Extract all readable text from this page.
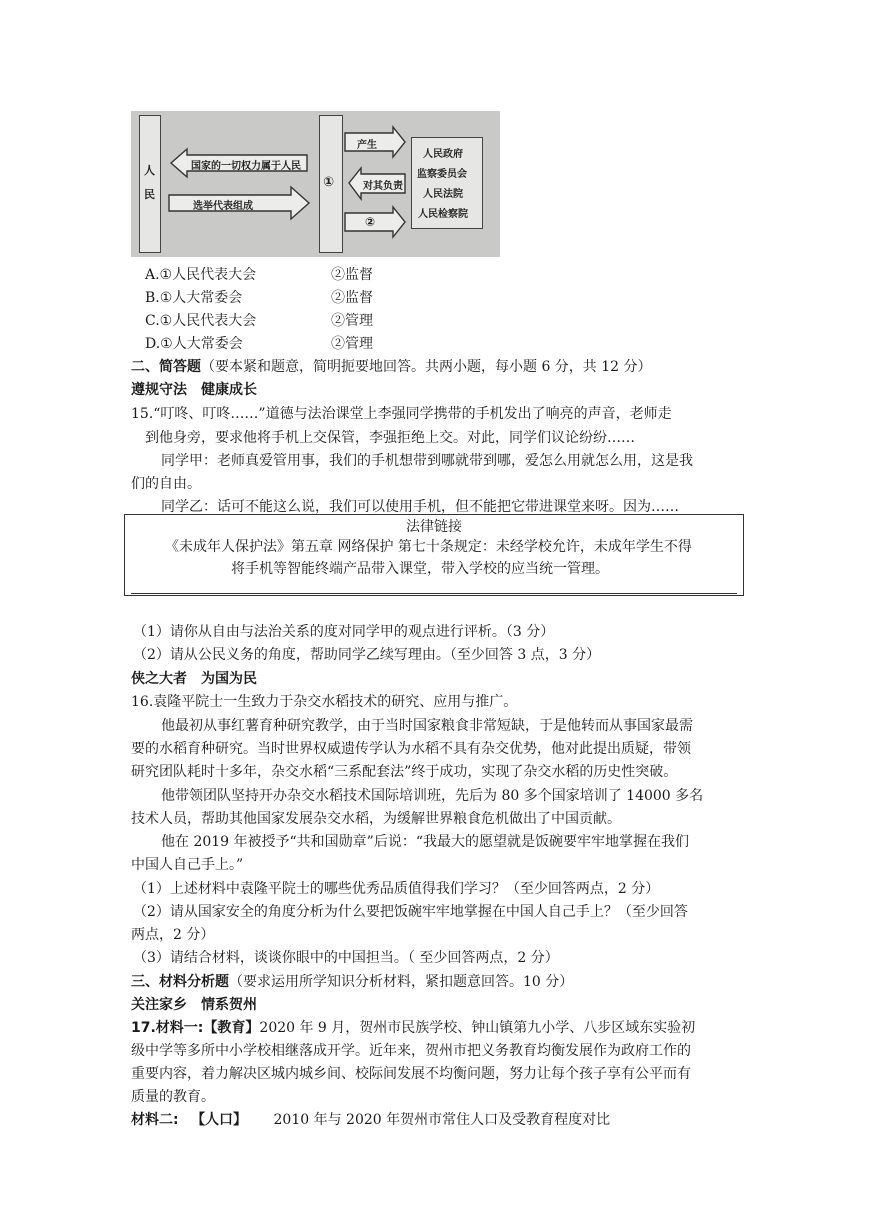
人民
国家的一切权力属于人民
选举代表组成
①
产生
对其负责
②
人民政府
监察委员会
人民法院
人民检察院
A.①人民代表大会	②监督
B.①人大常委会	②监督
C.①人民代表大会	②管理
D.①人大常委会	②管理
二、简答题（要本紧和题意，简明扼要地回答。共两小题，每小题 6 分，共 12 分）
遵规守法　健康成长
15.“叮咚、叮咚……”道德与法治课堂上李强同学携带的手机发出了响亮的声音，老师走
到他身旁，要求他将手机上交保管，李强拒绝上交。对此，同学们议论纷纷……
同学甲：老师真爱管用事，我们的手机想带到哪就带到哪，爱怎么用就怎么用，这是我
们的自由。
同学乙：话可不能这么说，我们可以使用手机，但不能把它带进课堂来呀。因为……
法律链接
《未成年人保护法》第五章 网络保护 第七十条规定：未经学校允许，未成年学生不得
将手机等智能终端产品带入课堂，带入学校的应当统一管理。
（1）请你从自由与法治关系的度对同学甲的观点进行评析。（3 分）
（2）请从公民义务的角度，帮助同学乙续写理由。（至少回答 3 点，3 分）
侠之大者　为国为民
16.袁隆平院士一生致力于杂交水稻技术的研究、应用与推广。
他最初从事红薯育种研究教学，由于当时国家粮食非常短缺，于是他转而从事国家最需
要的水稻育种研究。当时世界权威遗传学认为水稻不具有杂交优势，他对此提出质疑，带领
研究团队耗时十多年，杂交水稻“三系配套法”终于成功，实现了杂交水稻的历史性突破。
他带领团队坚持开办杂交水稻技术国际培训班，先后为 80 多个国家培训了 14000 多名
技术人员，帮助其他国家发展杂交水稻，为缓解世界粮食危机做出了中国贡献。
他在 2019 年被授予“共和国勋章”后说：“我最大的愿望就是饭碗要牢牢地掌握在我们
中国人自己手上。”
（1）上述材料中袁隆平院士的哪些优秀品质值得我们学习？（至少回答两点，2 分）
（2）请从国家安全的角度分析为什么要把饭碗牢牢地掌握在中国人自己手上？（至少回答
两点，2 分）
（3）请结合材料，谈谈你眼中的中国担当。（ 至少回答两点，2 分）
三、材料分析题（要求运用所学知识分析材料，紧扣题意回答。10 分）
关注家乡　情系贺州
17.材料一:【教育】2020 年 9 月，贺州市民族学校、钟山镇第九小学、八步区域东实验初
级中学等多所中小学校相继落成开学。近年来，贺州市把义务教育均衡发展作为政府工作的
重要内容，着力解决区城内城乡间、校际间发展不均衡问题，努力让每个孩子享有公平而有
质量的教育。
材料二: 【人口】 2010 年与 2020 年贺州市常住人口及受教育程度对比
